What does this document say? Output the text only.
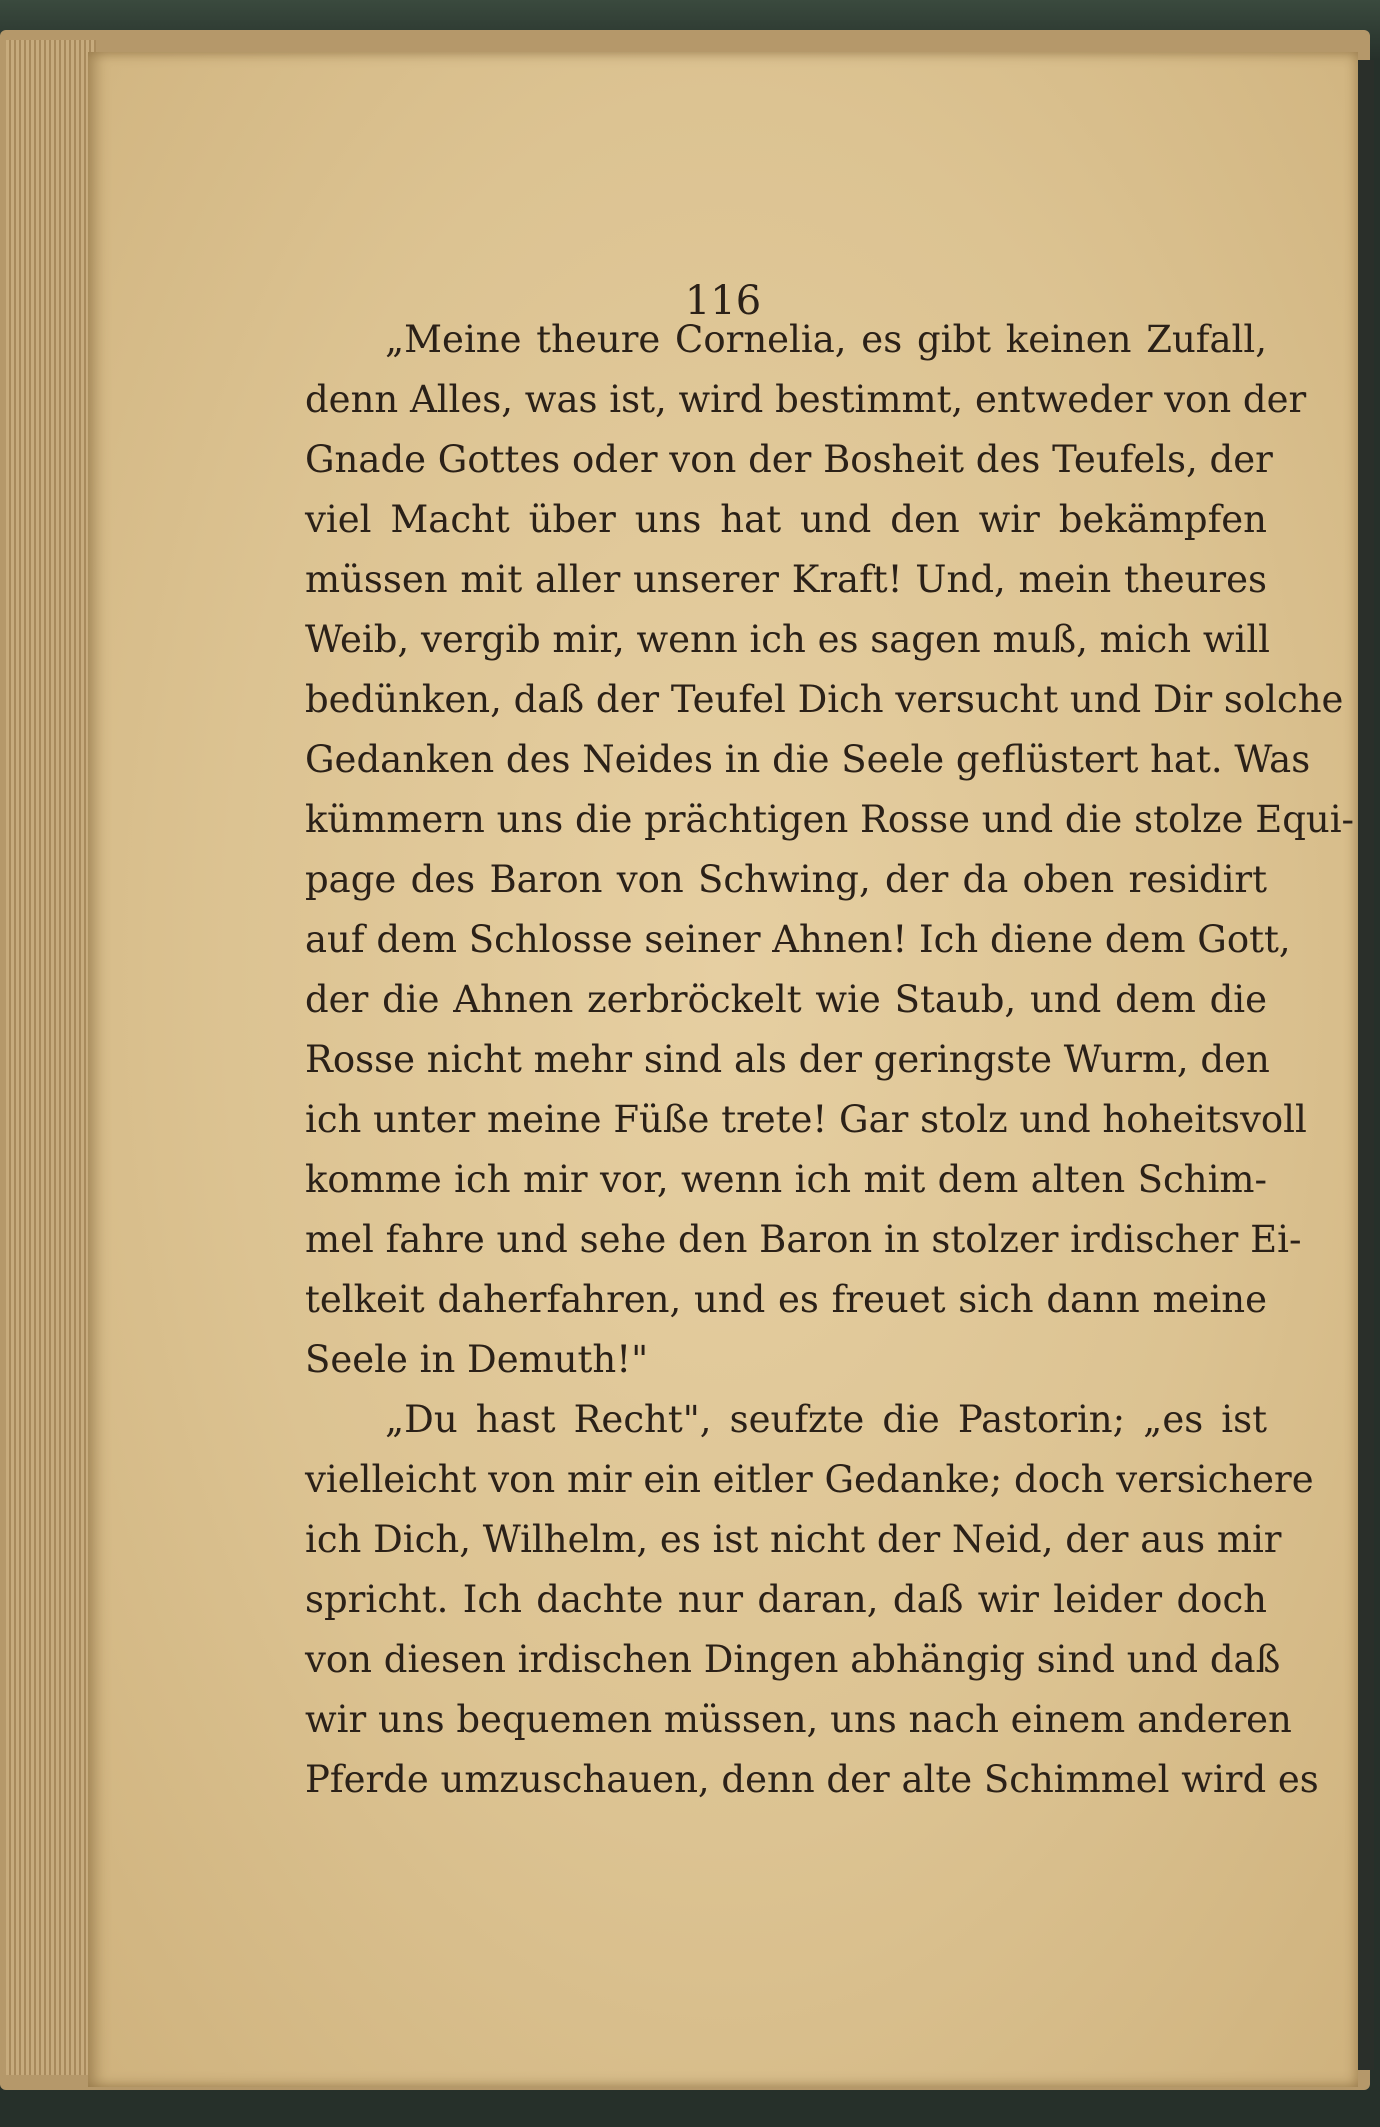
116
„Meine theure Cornelia, es gibt keinen Zufall,
denn Alles, was ist, wird bestimmt, entweder von der
Gnade Gottes oder von der Bosheit des Teufels, der
viel Macht über uns hat und den wir bekämpfen
müssen mit aller unserer Kraft! Und, mein theures
Weib, vergib mir, wenn ich es sagen muß, mich will
bedünken, daß der Teufel Dich versucht und Dir solche
Gedanken des Neides in die Seele geflüstert hat. Was
kümmern uns die prächtigen Rosse und die stolze Equi-
page des Baron von Schwing, der da oben residirt
auf dem Schlosse seiner Ahnen! Ich diene dem Gott,
der die Ahnen zerbröckelt wie Staub, und dem die
Rosse nicht mehr sind als der geringste Wurm, den
ich unter meine Füße trete! Gar stolz und hoheitsvoll
komme ich mir vor, wenn ich mit dem alten Schim-
mel fahre und sehe den Baron in stolzer irdischer Ei-
telkeit daherfahren, und es freuet sich dann meine
Seele in Demuth!"
„Du hast Recht", seufzte die Pastorin; „es ist
vielleicht von mir ein eitler Gedanke; doch versichere
ich Dich, Wilhelm, es ist nicht der Neid, der aus mir
spricht. Ich dachte nur daran, daß wir leider doch
von diesen irdischen Dingen abhängig sind und daß
wir uns bequemen müssen, uns nach einem anderen
Pferde umzuschauen, denn der alte Schimmel wird es
